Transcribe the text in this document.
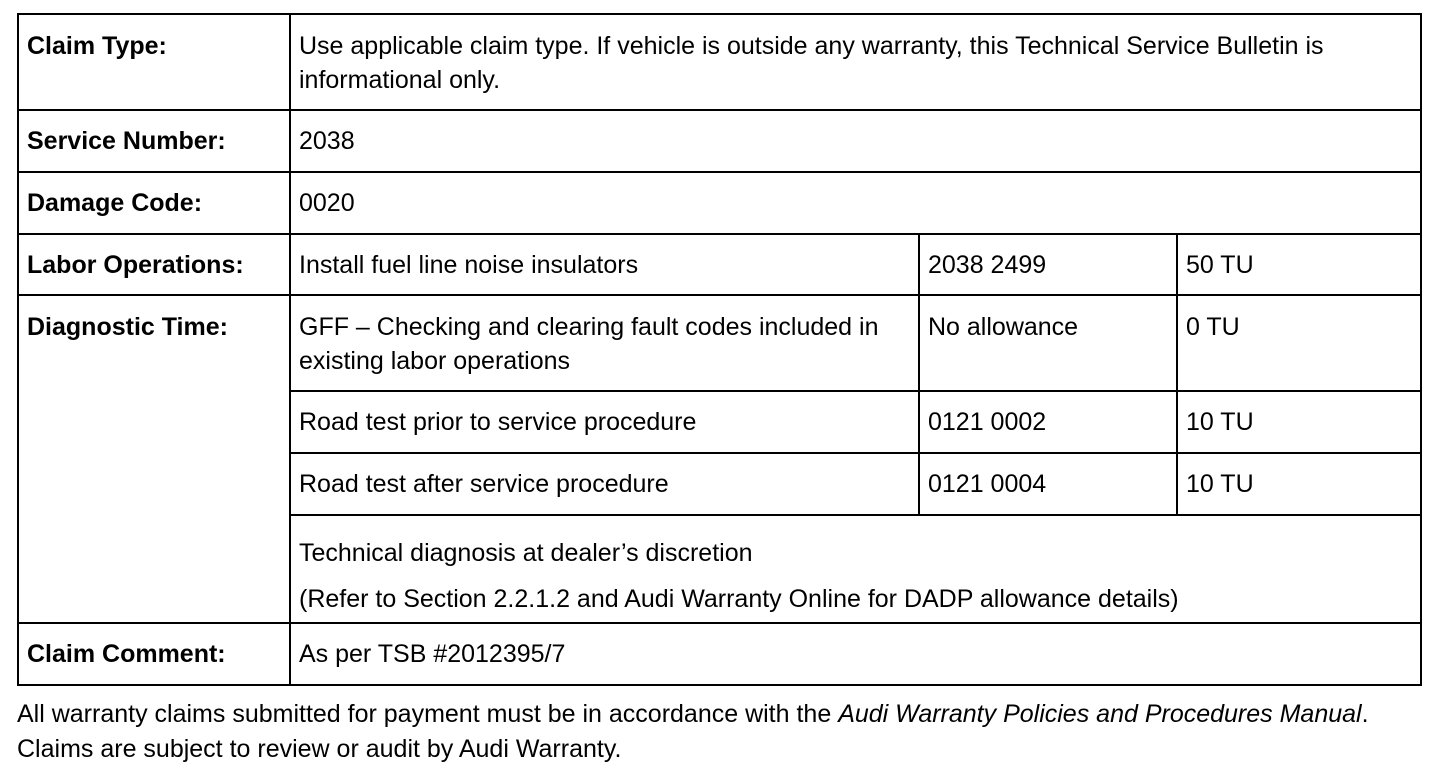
Claim Type:	Use applicable claim type. If vehicle is outside any warranty, this Technical Service Bulletin is informational only.		
Service Number:	2038		
Damage Code:	0020		
Labor Operations:	Install fuel line noise insulators	2038 2499	50 TU
Diagnostic Time:	GFF – Checking and clearing fault codes included in existing labor operations	No allowance	0 TU
	Road test prior to service procedure	0121 0002	10 TU
	Road test after service procedure	0121 0004	10 TU

	Technical diagnosis at dealer’s discretion
(Refer to Section 2.2.1.2 and Audi Warranty Online for DADP allowance details)		

Claim Comment:	As per TSB #2012395/7		

All warranty claims submitted for payment must be in accordance with the Audi Warranty Policies and Procedures Manual. Claims are subject to review or audit by Audi Warranty.
